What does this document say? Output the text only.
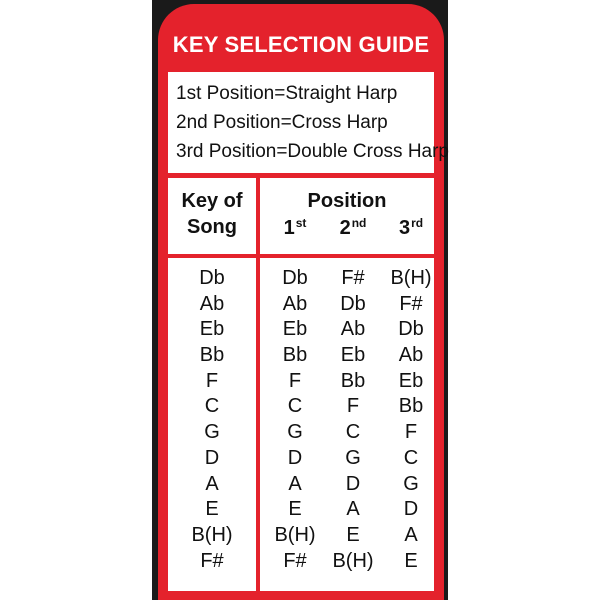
KEY SELECTION GUIDE
1st Position=Straight Harp
2nd Position=Cross Harp
3rd Position=Double Cross Harp
Key of
Song
Position
1st	2nd	3rd
Db
Ab
Eb
Bb
F
C
G
D
A
E
B(H)
F#
Db
Ab
Eb
Bb
F
C
G
D
A
E
B(H)
F#
F#
Db
Ab
Eb
Bb
F
C
G
D
A
E
B(H)
B(H)
F#
Db
Ab
Eb
Bb
F
C
G
D
A
E
